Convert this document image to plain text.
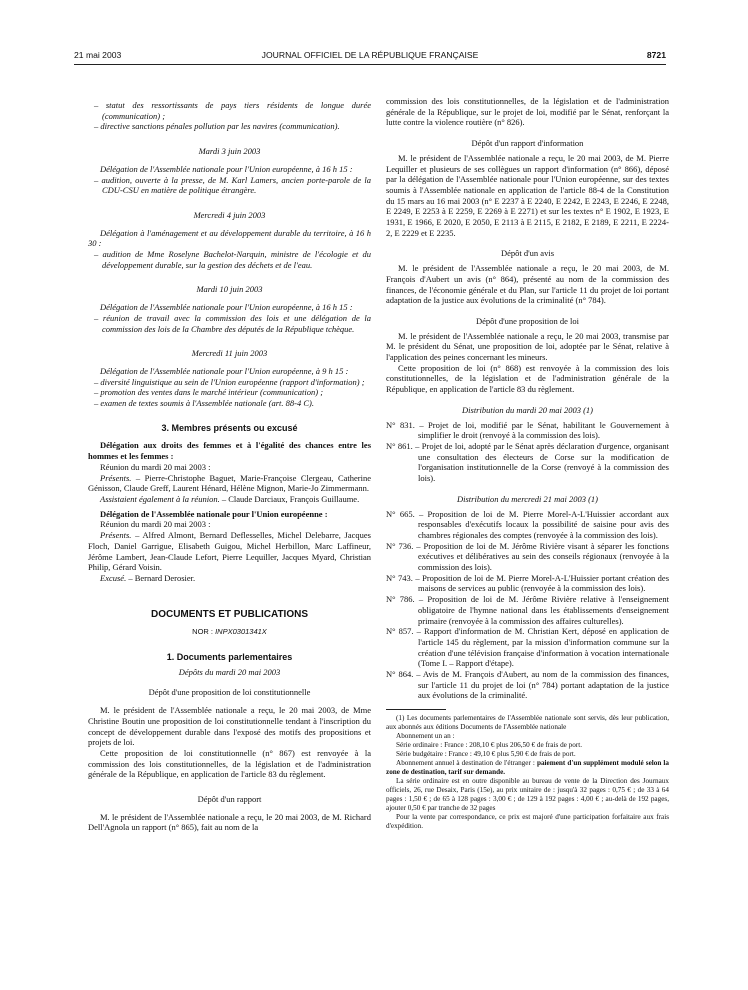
21 mai 2003	JOURNAL OFFICIEL DE LA RÉPUBLIQUE FRANÇAISE	8721

– statut des ressortissants de pays tiers résidents de longue durée (communication) ;

– directive sanctions pénales pollution par les navires (communication).

Mardi 3 juin 2003

Délégation de l'Assemblée nationale pour l'Union européenne, à 16 h 15 :

– audition, ouverte à la presse, de M. Karl Lamers, ancien porte-parole de la CDU-CSU en matière de politique étrangère.

Mercredi 4 juin 2003

Délégation à l'aménagement et au développement durable du territoire, à 16 h 30 :

– audition de Mme Roselyne Bachelot-Narquin, ministre de l'écologie et du développement durable, sur la gestion des déchets et de l'eau.

Mardi 10 juin 2003

Délégation de l'Assemblée nationale pour l'Union européenne, à 16 h 15 :

– réunion de travail avec la commission des lois et une délégation de la commission des lois de la Chambre des députés de la République tchèque.

Mercredi 11 juin 2003

Délégation de l'Assemblée nationale pour l'Union européenne, à 9 h 15 :

– diversité linguistique au sein de l'Union européenne (rapport d'information) ;

– promotion des ventes dans le marché intérieur (communication) ;

– examen de textes soumis à l'Assemblée nationale (art. 88-4 C).

3. Membres présents ou excusé

Délégation aux droits des femmes et à l'égalité des chances entre les hommes et les femmes :

Réunion du mardi 20 mai 2003 :

Présents. – Pierre-Christophe Baguet, Marie-Françoise Clergeau, Catherine Génisson, Claude Greff, Laurent Hénard, Hélène Mignon, Marie-Jo Zimmermann.

Assistaient également à la réunion. – Claude Darciaux, François Guillaume.

Délégation de l'Assemblée nationale pour l'Union européenne :

Réunion du mardi 20 mai 2003 :

Présents. – Alfred Almont, Bernard Deflesselles, Michel Delebarre, Jacques Floch, Daniel Garrigue, Elisabeth Guigou, Michel Herbillon, Marc Laffineur, Jérôme Lambert, Jean-Claude Lefort, Pierre Lequiller, Jacques Myard, Christian Philip, Gérard Voisin.

Excusé. – Bernard Derosier.

DOCUMENTS ET PUBLICATIONS

NOR : INPX0301341X

1. Documents parlementaires

Dépôts du mardi 20 mai 2003

Dépôt d'une proposition de loi constitutionnelle

M. le président de l'Assemblée nationale a reçu, le 20 mai 2003, de Mme Christine Boutin une proposition de loi constitutionnelle tendant à l'inscription du concept de développement durable dans l'exposé des motifs des propositions et projets de loi.

Cette proposition de loi constitutionnelle (n° 867) est renvoyée à la commission des lois constitutionnelles, de la législation et de l'administration générale de la République, en application de l'article 83 du règlement.

Dépôt d'un rapport

M. le président de l'Assemblée nationale a reçu, le 20 mai 2003, de M. Richard Dell'Agnola un rapport (n° 865), fait au nom de la

commission des lois constitutionnelles, de la législation et de l'administration générale de la République, sur le projet de loi, modifié par le Sénat, renforçant la lutte contre la violence routière (n° 826).

Dépôt d'un rapport d'information

M. le président de l'Assemblée nationale a reçu, le 20 mai 2003, de M. Pierre Lequiller et plusieurs de ses collègues un rapport d'information (n° 866), déposé par la délégation de l'Assemblée nationale pour l'Union européenne, sur des textes soumis à l'Assemblée nationale en application de l'article 88-4 de la Constitution du 15 mars au 16 mai 2003 (n° E 2237 à E 2240, E 2242, E 2243, E 2246, E 2248, E 2249, E 2253 à E 2259, E 2269 à E 2271) et sur les textes n° E 1902, E 1923, E 1931, E 1966, E 2020, E 2050, E 2113 à E 2115, E 2182, E 2189, E 2211, E 2224-2, E 2229 et E 2235.

Dépôt d'un avis

M. le président de l'Assemblée nationale a reçu, le 20 mai 2003, de M. François d'Aubert un avis (n° 864), présenté au nom de la commission des finances, de l'économie générale et du Plan, sur l'article 11 du projet de loi portant adaptation de la justice aux évolutions de la criminalité (n° 784).

Dépôt d'une proposition de loi

M. le président de l'Assemblée nationale a reçu, le 20 mai 2003, transmise par M. le président du Sénat, une proposition de loi, adoptée par le Sénat, relative à l'application des peines concernant les mineurs.

Cette proposition de loi (n° 868) est renvoyée à la commission des lois constitutionnelles, de la législation et de l'administration générale de la République, en application de l'article 83 du règlement.

Distribution du mardi 20 mai 2003 (1)

N° 831. – Projet de loi, modifié par le Sénat, habilitant le Gouvernement à simplifier le droit (renvoyé à la commission des lois).

N° 861. – Projet de loi, adopté par le Sénat après déclaration d'urgence, organisant une consultation des électeurs de Corse sur la modification de l'organisation institutionnelle de la Corse (renvoyé à la commission des lois).

Distribution du mercredi 21 mai 2003 (1)

N° 665. – Proposition de loi de M. Pierre Morel-A-L'Huissier accordant aux responsables d'exécutifs locaux la possibilité de saisine pour avis des chambres régionales des comptes (renvoyée à la commission des lois).

N° 736. – Proposition de loi de M. Jérôme Rivière visant à séparer les fonctions exécutives et délibératives au sein des conseils régionaux (renvoyée à la commission des lois).

N° 743. – Proposition de loi de M. Pierre Morel-A-L'Huissier portant création des maisons de services au public (renvoyée à la commission des lois).

N° 786. – Proposition de loi de M. Jérôme Rivière relative à l'enseignement obligatoire de l'hymne national dans les établissements d'enseignement primaire (renvoyée à la commission des affaires culturelles).

N° 857. – Rapport d'information de M. Christian Kert, déposé en application de l'article 145 du règlement, par la mission d'information commune sur la création d'une télévision française d'information à vocation internationale (Tome I. – Rapport d'étape).

N° 864. – Avis de M. François d'Aubert, au nom de la commission des finances, sur l'article 11 du projet de loi (n° 784) portant adaptation de la justice aux évolutions de la criminalité.

(1) Les documents parlementaires de l'Assemblée nationale sont servis, dès leur publication, aux abonnés aux éditions Documents de l'Assemblée nationale

Abonnement un an :

Série ordinaire : France : 208,10 € plus 206,50 € de frais de port.

Série budgétaire : France : 49,10 € plus 5,90 € de frais de port.

Abonnement annuel à destination de l'étranger : paiement d'un supplément modulé selon la zone de destination, tarif sur demande.

La série ordinaire est en outre disponible au bureau de vente de la Direction des Journaux officiels, 26, rue Desaix, Paris (15e), au prix unitaire de : jusqu'à 32 pages : 0,75 € ; de 33 à 64 pages : 1,50 € ; de 65 à 128 pages : 3,00 € ; de 129 à 192 pages : 4,00 € ; au-delà de 192 pages, ajouter 0,50 € par tranche de 32 pages

Pour la vente par correspondance, ce prix est majoré d'une participation forfaitaire aux frais d'expédition.
